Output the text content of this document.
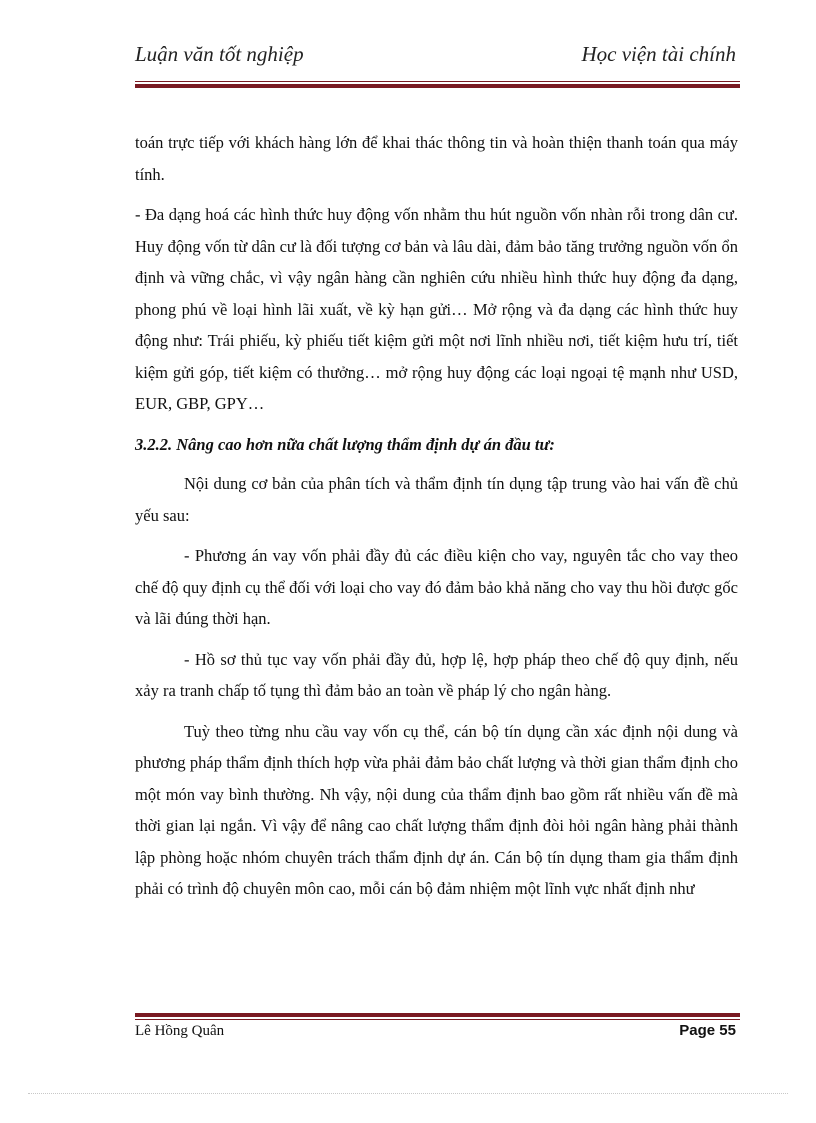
Luận văn tốt nghiệp	Học viện tài chính

toán trực tiếp với khách hàng lớn để khai thác thông tin và hoàn thiện thanh toán qua máy tính.

- Đa dạng hoá các hình thức huy động vốn nhằm thu hút nguồn vốn nhàn rỗi trong dân cư. Huy động vốn từ dân cư là đối tượng cơ bản và lâu dài, đảm bảo tăng trưởng nguồn vốn ổn định và vững chắc, vì vậy ngân hàng cần nghiên cứu nhiều hình thức huy động đa dạng, phong phú về loại hình lãi xuất, về kỳ hạn gửi… Mở rộng và đa dạng các hình thức huy động như: Trái phiếu, kỳ phiếu tiết kiệm gửi một nơi lĩnh nhiều nơi, tiết kiệm hưu trí, tiết kiệm gửi góp, tiết kiệm có thưởng… mở rộng huy động các loại ngoại tệ mạnh như USD, EUR, GBP, GPY…

3.2.2. Nâng cao hơn nữa chất lượng thẩm định dự án đầu tư:

Nội dung cơ bản của phân tích và thẩm định tín dụng tập trung vào hai vấn đề chủ yếu sau:

- Phương án vay vốn phải đầy đủ các điều kiện cho vay, nguyên tắc cho vay theo chế độ quy định cụ thể đối với loại cho vay đó đảm bảo khả năng cho vay thu hồi được gốc và lãi đúng thời hạn.

- Hồ sơ thủ tục vay vốn phải đầy đủ, hợp lệ, hợp pháp theo chế độ quy định, nếu xảy ra tranh chấp tố tụng thì đảm bảo an toàn về pháp lý cho ngân hàng.

Tuỳ theo từng nhu cầu vay vốn cụ thể, cán bộ tín dụng cần xác định nội dung và phương pháp thẩm định thích hợp vừa phải đảm bảo chất lượng và thời gian thẩm định cho một món vay bình thường. Nh vậy, nội dung của thẩm định bao gồm rất nhiều vấn đề mà thời gian lại ngắn. Vì vậy để nâng cao chất lượng thẩm định đòi hỏi ngân hàng phải thành lập phòng hoặc nhóm chuyên trách thẩm định dự án. Cán bộ tín dụng tham gia thẩm định phải có trình độ chuyên môn cao, mỗi cán bộ đảm nhiệm một lĩnh vực nhất định như

Lê Hồng Quân	Page 55
